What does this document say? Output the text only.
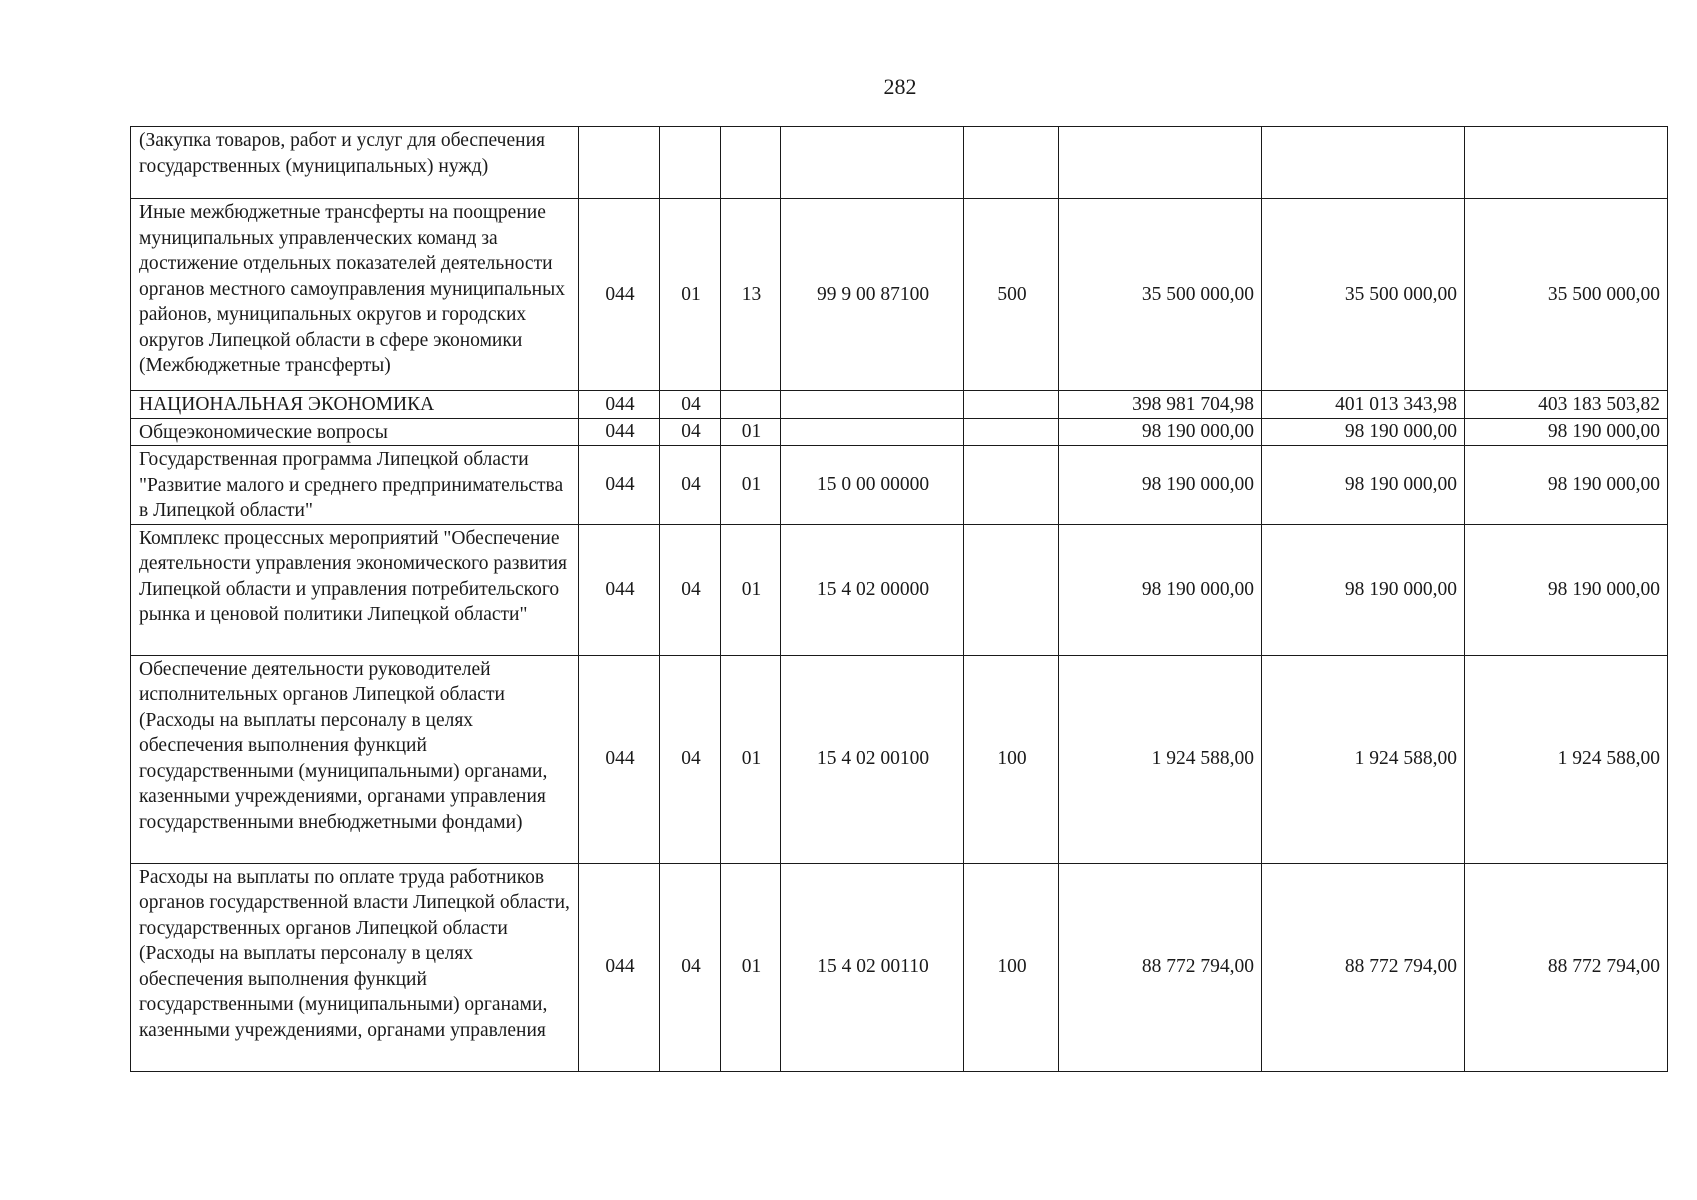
282
(Закупка товаров, работ и услуг для обеспечения государственных (муниципальных) нужд)								
Иные межбюджетные трансферты на поощрение муниципальных управленческих команд за достижение отдельных показателей деятельности органов местного самоуправления муниципальных районов, муниципальных округов и городских округов Липецкой области в сфере экономики (Межбюджетные трансферты)	044	01	13	99 9 00 87100	500	35 500 000,00	35 500 000,00	35 500 000,00
НАЦИОНАЛЬНАЯ ЭКОНОМИКА	044	04				398 981 704,98	401 013 343,98	403 183 503,82
Общеэкономические вопросы	044	04	01			98 190 000,00	98 190 000,00	98 190 000,00
Государственная программа Липецкой области "Развитие малого и среднего предпринимательства в Липецкой области"	044	04	01	15 0 00 00000		98 190 000,00	98 190 000,00	98 190 000,00
Комплекс процессных мероприятий "Обеспечение деятельности управления экономического развития Липецкой области и управления потребительского рынка и ценовой политики Липецкой области"	044	04	01	15 4 02 00000		98 190 000,00	98 190 000,00	98 190 000,00
Обеспечение деятельности руководителей исполнительных органов Липецкой области (Расходы на выплаты персоналу в целях обеспечения выполнения функций государственными (муниципальными) органами, казенными учреждениями, органами управления государственными внебюджетными фондами)	044	04	01	15 4 02 00100	100	1 924 588,00	1 924 588,00	1 924 588,00
Расходы на выплаты по оплате труда работников органов государственной власти Липецкой области, государственных органов Липецкой области (Расходы на выплаты персоналу в целях обеспечения выполнения функций государственными (муниципальными) органами, казенными учреждениями, органами управления	044	04	01	15 4 02 00110	100	88 772 794,00	88 772 794,00	88 772 794,00
